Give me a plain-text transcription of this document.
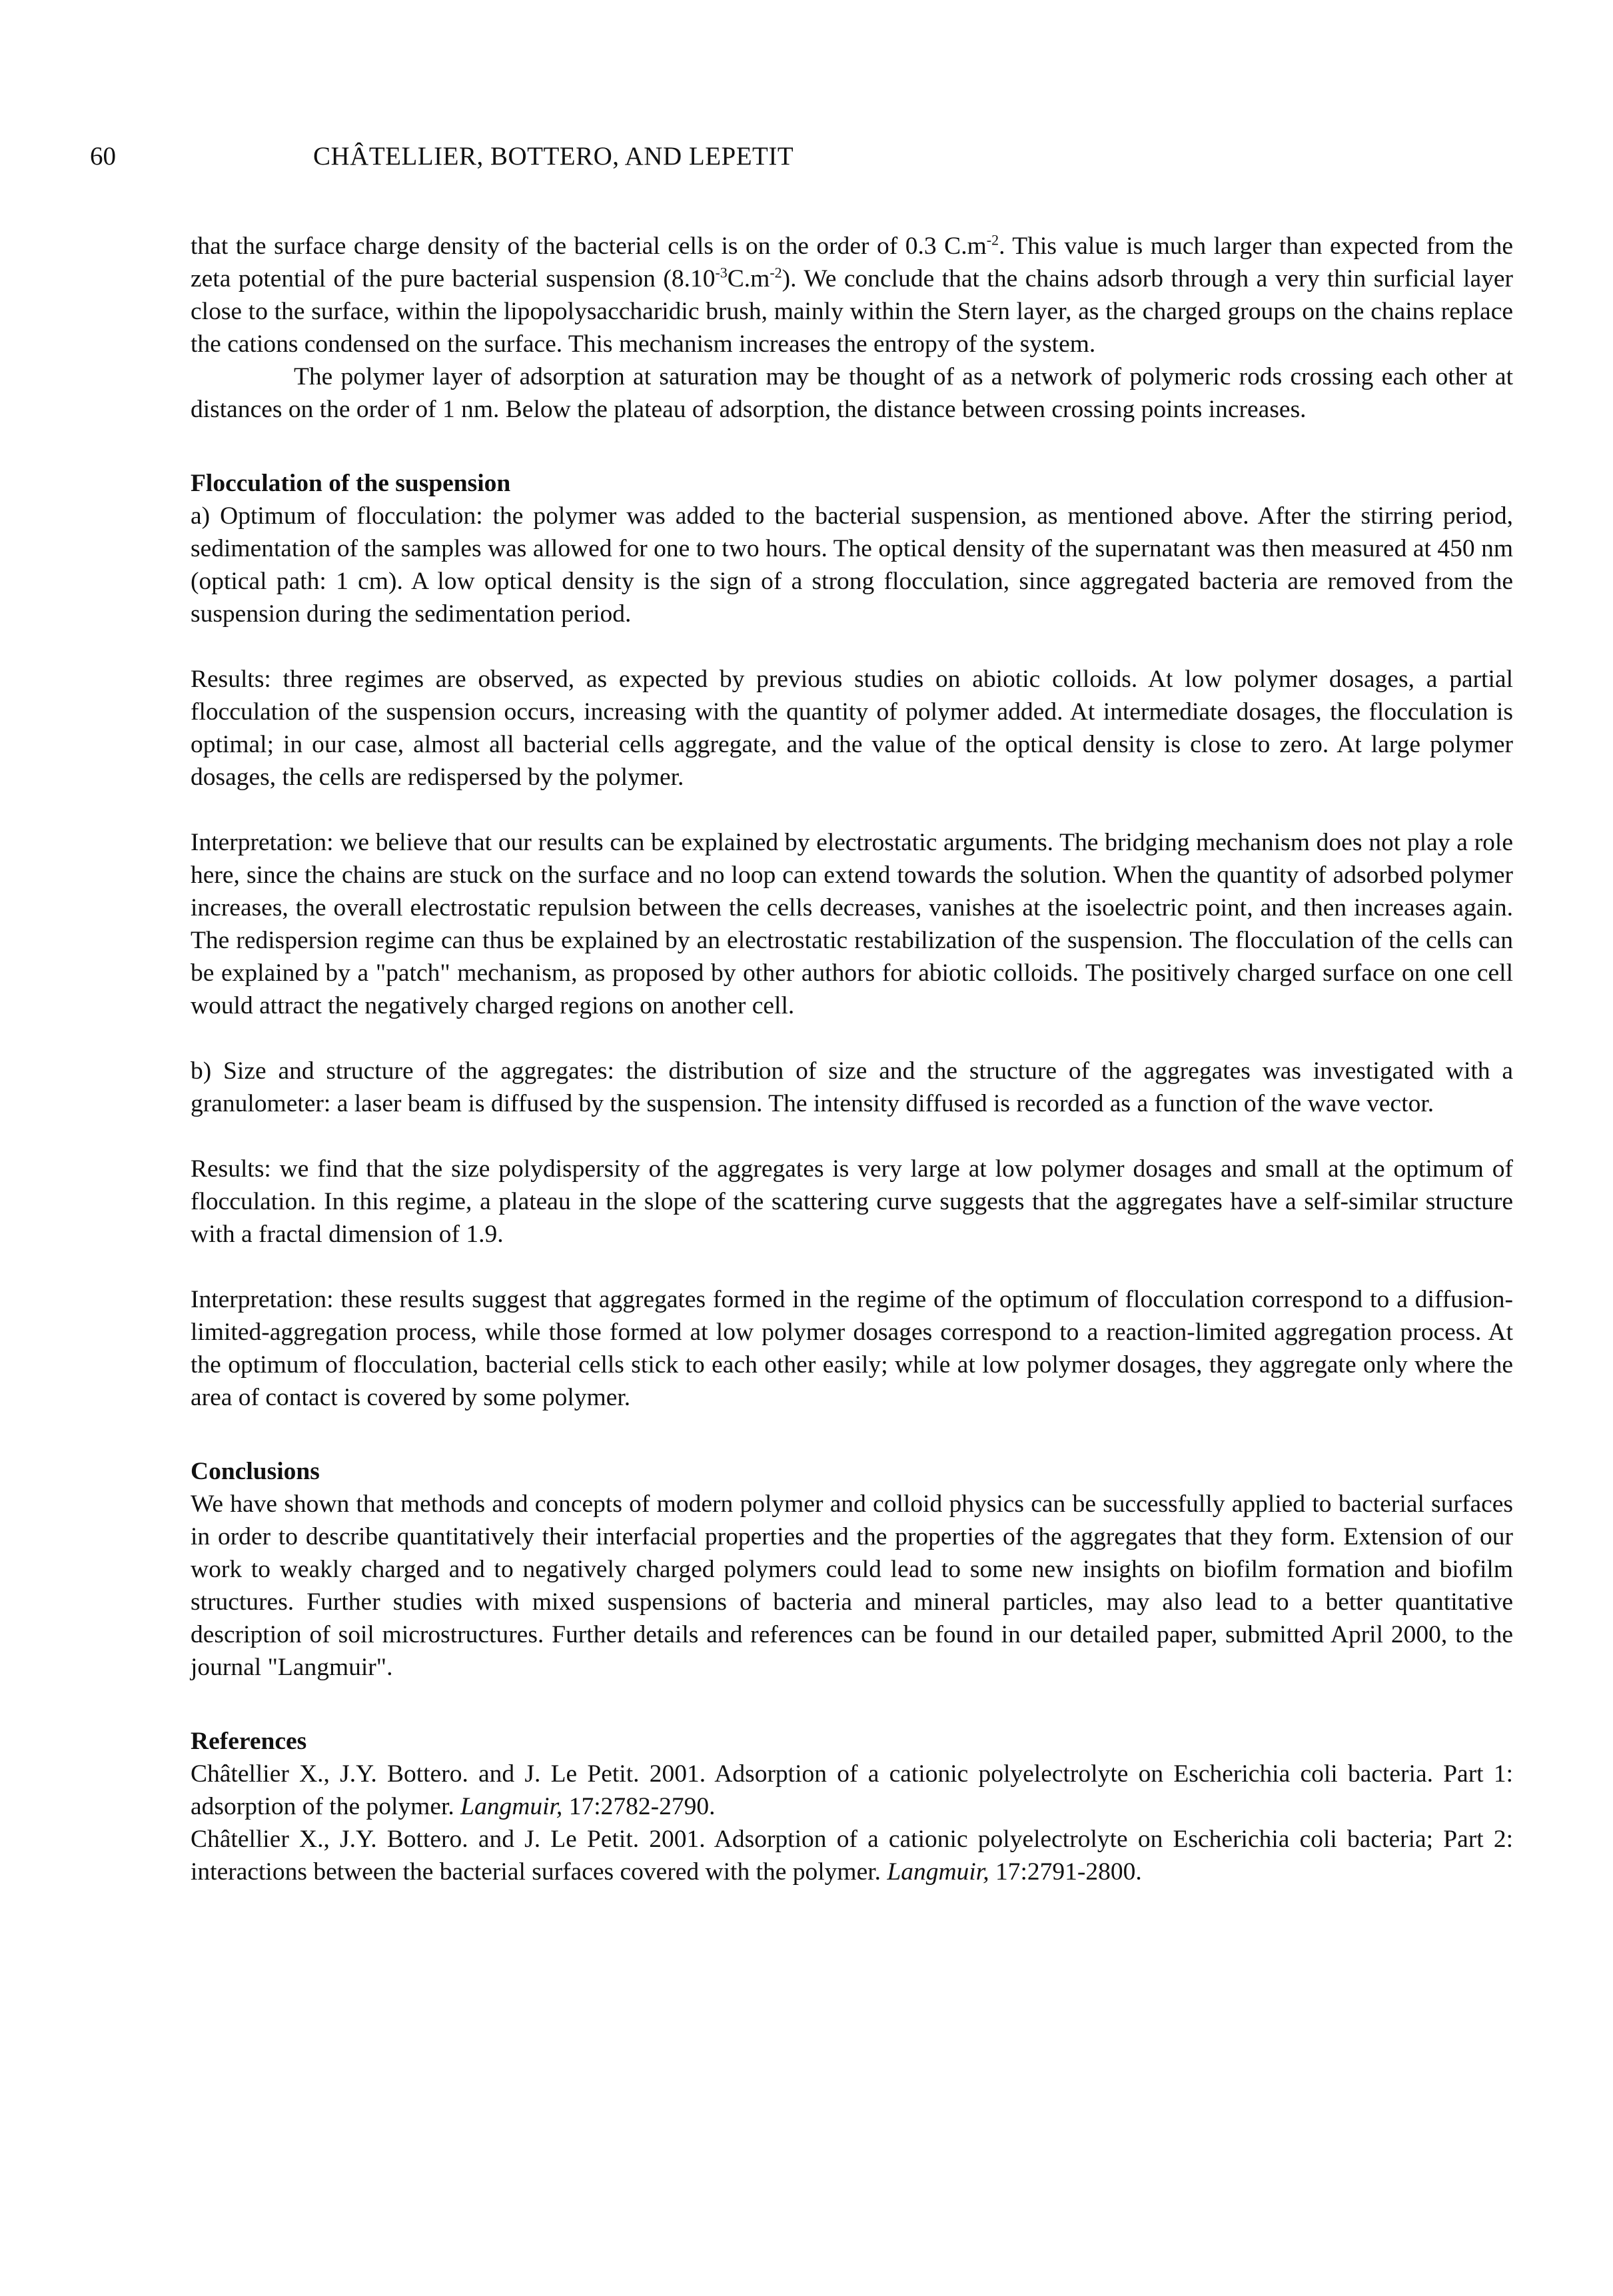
60	CHÂTELLIER, BOTTERO, AND LEPETIT

that the surface charge density of the bacterial cells is on the order of 0.3 $C.m^{-2}$. This value is much larger than expected from the zeta potential of the pure bacterial suspension $(8.10^{-3}C.m^{-2})$. We conclude that the chains adsorb through a very thin surficial layer close to the surface, within the lipopolysaccharidic brush, mainly within the Stern layer, as the charged groups on the chains replace the cations condensed on the surface. This mechanism increases the entropy of the system.

The polymer layer of adsorption at saturation may be thought of as a network of polymeric rods crossing each other at distances on the order of 1 nm. Below the plateau of adsorption, the distance between crossing points increases.

Flocculation of the suspension

a) Optimum of flocculation: the polymer was added to the bacterial suspension, as mentioned above. After the stirring period, sedimentation of the samples was allowed for one to two hours. The optical density of the supernatant was then measured at 450 nm (optical path: 1 cm). A low optical density is the sign of a strong flocculation, since aggregated bacteria are removed from the suspension during the sedimentation period.

Results: three regimes are observed, as expected by previous studies on abiotic colloids. At low polymer dosages, a partial flocculation of the suspension occurs, increasing with the quantity of polymer added. At intermediate dosages, the flocculation is optimal; in our case, almost all bacterial cells aggregate, and the value of the optical density is close to zero. At large polymer dosages, the cells are redispersed by the polymer.

Interpretation: we believe that our results can be explained by electrostatic arguments. The bridging mechanism does not play a role here, since the chains are stuck on the surface and no loop can extend towards the solution. When the quantity of adsorbed polymer increases, the overall electrostatic repulsion between the cells decreases, vanishes at the isoelectric point, and then increases again. The redispersion regime can thus be explained by an electrostatic restabilization of the suspension. The flocculation of the cells can be explained by a "patch" mechanism, as proposed by other authors for abiotic colloids. The positively charged surface on one cell would attract the negatively charged regions on another cell.

b) Size and structure of the aggregates: the distribution of size and the structure of the aggregates was investigated with a granulometer: a laser beam is diffused by the suspension. The intensity diffused is recorded as a function of the wave vector.

Results: we find that the size polydispersity of the aggregates is very large at low polymer dosages and small at the optimum of flocculation. In this regime, a plateau in the slope of the scattering curve suggests that the aggregates have a self-similar structure with a fractal dimension of 1.9.

Interpretation: these results suggest that aggregates formed in the regime of the optimum of flocculation correspond to a diffusion-limited-aggregation process, while those formed at low polymer dosages correspond to a reaction-limited aggregation process. At the optimum of flocculation, bacterial cells stick to each other easily; while at low polymer dosages, they aggregate only where the area of contact is covered by some polymer.

Conclusions

We have shown that methods and concepts of modern polymer and colloid physics can be successfully applied to bacterial surfaces in order to describe quantitatively their interfacial properties and the properties of the aggregates that they form. Extension of our work to weakly charged and to negatively charged polymers could lead to some new insights on biofilm formation and biofilm structures. Further studies with mixed suspensions of bacteria and mineral particles, may also lead to a better quantitative description of soil microstructures. Further details and references can be found in our detailed paper, submitted April 2000, to the journal "Langmuir".

References

Châtellier X., J.Y. Bottero. and J. Le Petit. 2001. Adsorption of a cationic polyelectrolyte on Escherichia coli bacteria. Part 1: adsorption of the polymer. Langmuir, 17:2782-2790.

Châtellier X., J.Y. Bottero. and J. Le Petit. 2001. Adsorption of a cationic polyelectrolyte on Escherichia coli bacteria; Part 2: interactions between the bacterial surfaces covered with the polymer. Langmuir, 17:2791-2800.
